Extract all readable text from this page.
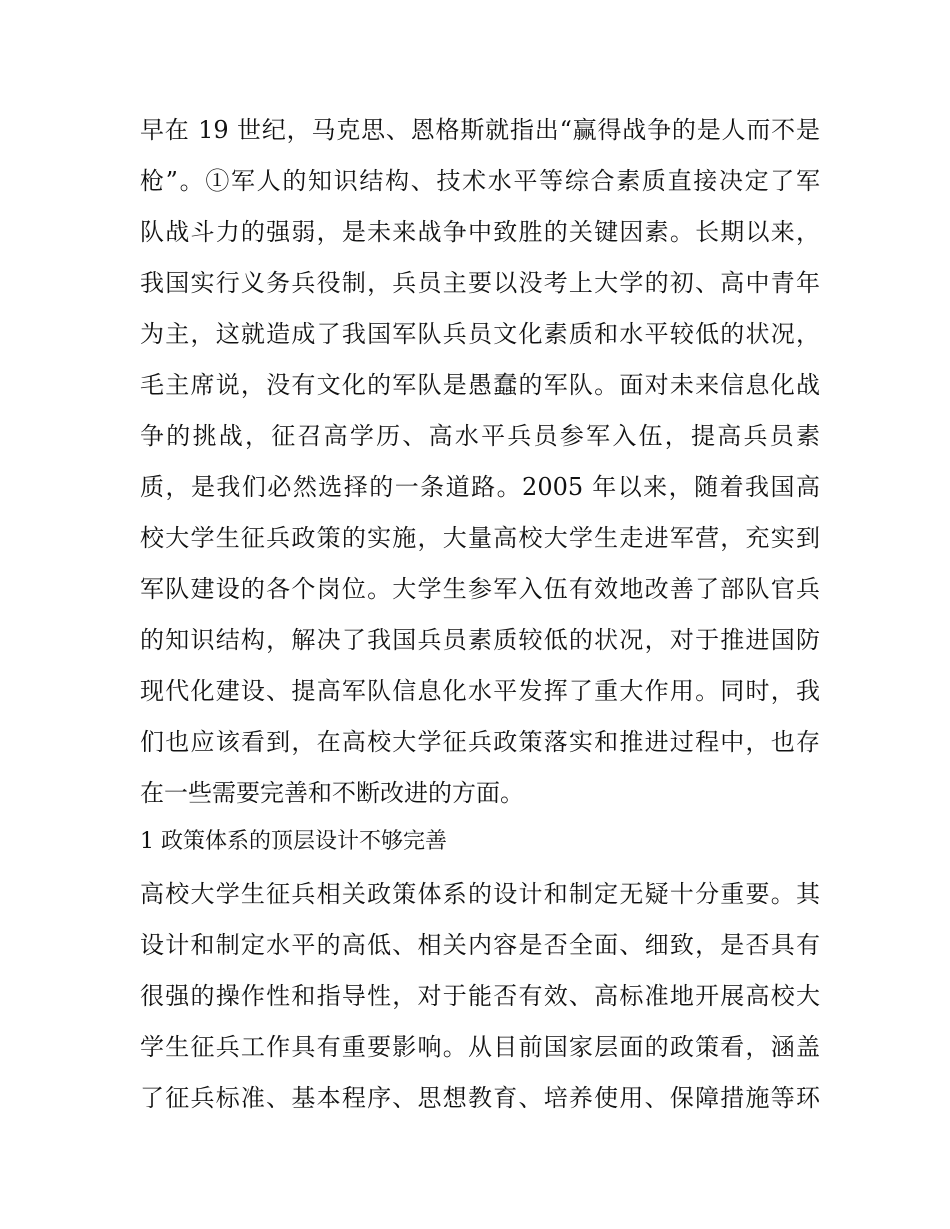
早在 19 世纪，马克思、恩格斯就指出“赢得战争的是人而不是
枪”。①军人的知识结构、技术水平等综合素质直接决定了军
队战斗力的强弱，是未来战争中致胜的关键因素。长期以来，
我国实行义务兵役制，兵员主要以没考上大学的初、高中青年
为主，这就造成了我国军队兵员文化素质和水平较低的状况，
毛主席说，没有文化的军队是愚蠢的军队。面对未来信息化战
争的挑战，征召高学历、高水平兵员参军入伍，提高兵员素
质，是我们必然选择的一条道路。2005 年以来，随着我国高
校大学生征兵政策的实施，大量高校大学生走进军营，充实到
军队建设的各个岗位。大学生参军入伍有效地改善了部队官兵
的知识结构，解决了我国兵员素质较低的状况，对于推进国防
现代化建设、提高军队信息化水平发挥了重大作用。同时，我
们也应该看到，在高校大学征兵政策落实和推进过程中，也存
在一些需要完善和不断改进的方面。
1 政策体系的顶层设计不够完善
高校大学生征兵相关政策体系的设计和制定无疑十分重要。其
设计和制定水平的高低、相关内容是否全面、细致，是否具有
很强的操作性和指导性，对于能否有效、高标准地开展高校大
学生征兵工作具有重要影响。从目前国家层面的政策看，涵盖
了征兵标准、基本程序、思想教育、培养使用、保障措施等环
